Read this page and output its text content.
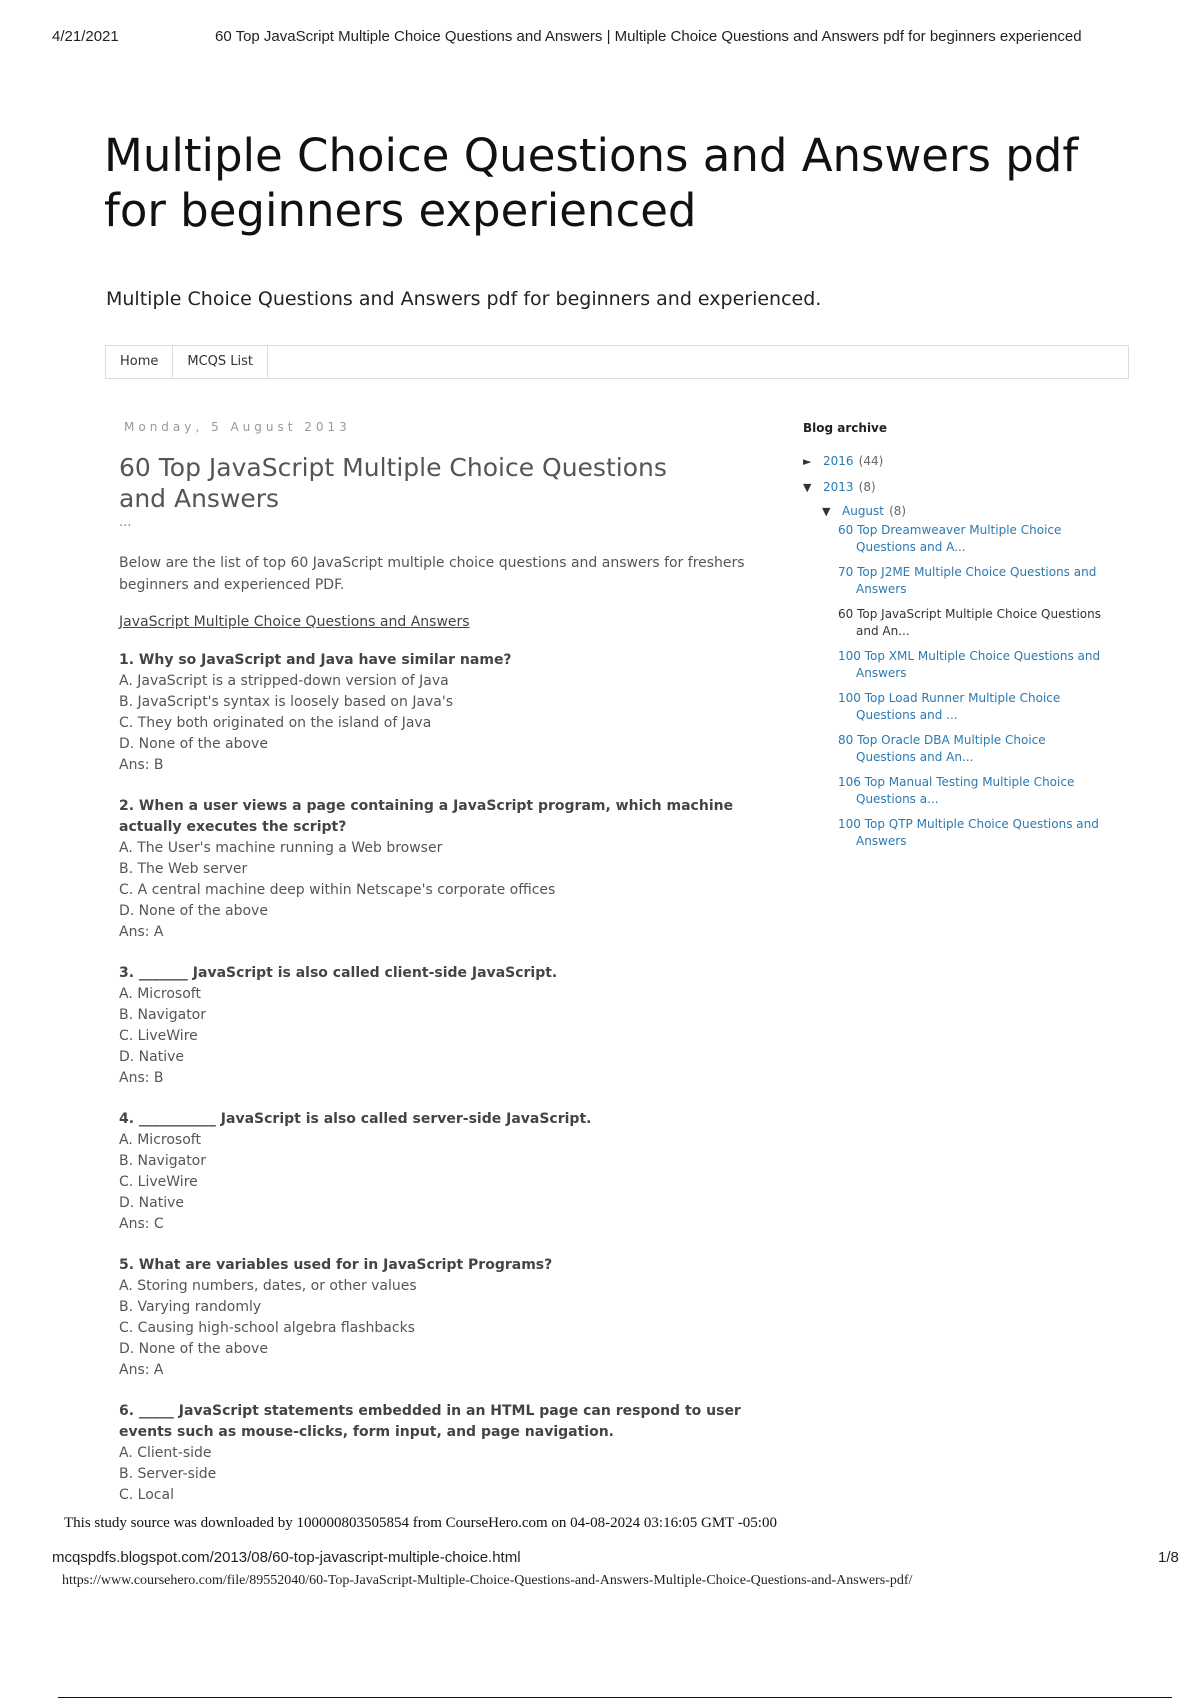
4/21/2021	60 Top JavaScript Multiple Choice Questions and Answers | Multiple Choice Questions and Answers pdf for beginners experienced
Multiple Choice Questions and Answers pdf for beginners experienced
Multiple Choice Questions and Answers pdf for beginners and experienced.
Home	MCQS List
Monday, 5 August 2013
60 Top JavaScript Multiple Choice Questions and Answers
...
Below are the list of top 60 JavaScript multiple choice questions and answers for freshers beginners and experienced PDF.
JavaScript Multiple Choice Questions and Answers
1. Why so JavaScript and Java have similar name?
A. JavaScript is a stripped-down version of Java
B. JavaScript's syntax is loosely based on Java's
C. They both originated on the island of Java
D. None of the above
Ans: B
2. When a user views a page containing a JavaScript program, which machine actually executes the script?
A. The User's machine running a Web browser
B. The Web server
C. A central machine deep within Netscape's corporate offices
D. None of the above
Ans: A
3. _______ JavaScript is also called client-side JavaScript.
A. Microsoft
B. Navigator
C. LiveWire
D. Native
Ans: B
4. ___________ JavaScript is also called server-side JavaScript.
A. Microsoft
B. Navigator
C. LiveWire
D. Native
Ans: C
5. What are variables used for in JavaScript Programs?
A. Storing numbers, dates, or other values
B. Varying randomly
C. Causing high-school algebra flashbacks
D. None of the above
Ans: A
6. _____ JavaScript statements embedded in an HTML page can respond to user events such as mouse-clicks, form input, and page navigation.
A. Client-side
B. Server-side
C. Local
Blog archive
► 2016 (44)
▼ 2013 (8)
▼ August (8)
60 Top Dreamweaver Multiple Choice Questions and A...
70 Top J2ME Multiple Choice Questions and Answers
60 Top JavaScript Multiple Choice Questions and An...
100 Top XML Multiple Choice Questions and Answers
100 Top Load Runner Multiple Choice Questions and ...
80 Top Oracle DBA Multiple Choice Questions and An...
106 Top Manual Testing Multiple Choice Questions a...
100 Top QTP Multiple Choice Questions and Answers
This study source was downloaded by 100000803505854 from CourseHero.com on 04-08-2024 03:16:05 GMT -05:00
mcqspdfs.blogspot.com/2013/08/60-top-javascript-multiple-choice.html	1/8
https://www.coursehero.com/file/89552040/60-Top-JavaScript-Multiple-Choice-Questions-and-Answers-Multiple-Choice-Questions-and-Answers-pdf/
